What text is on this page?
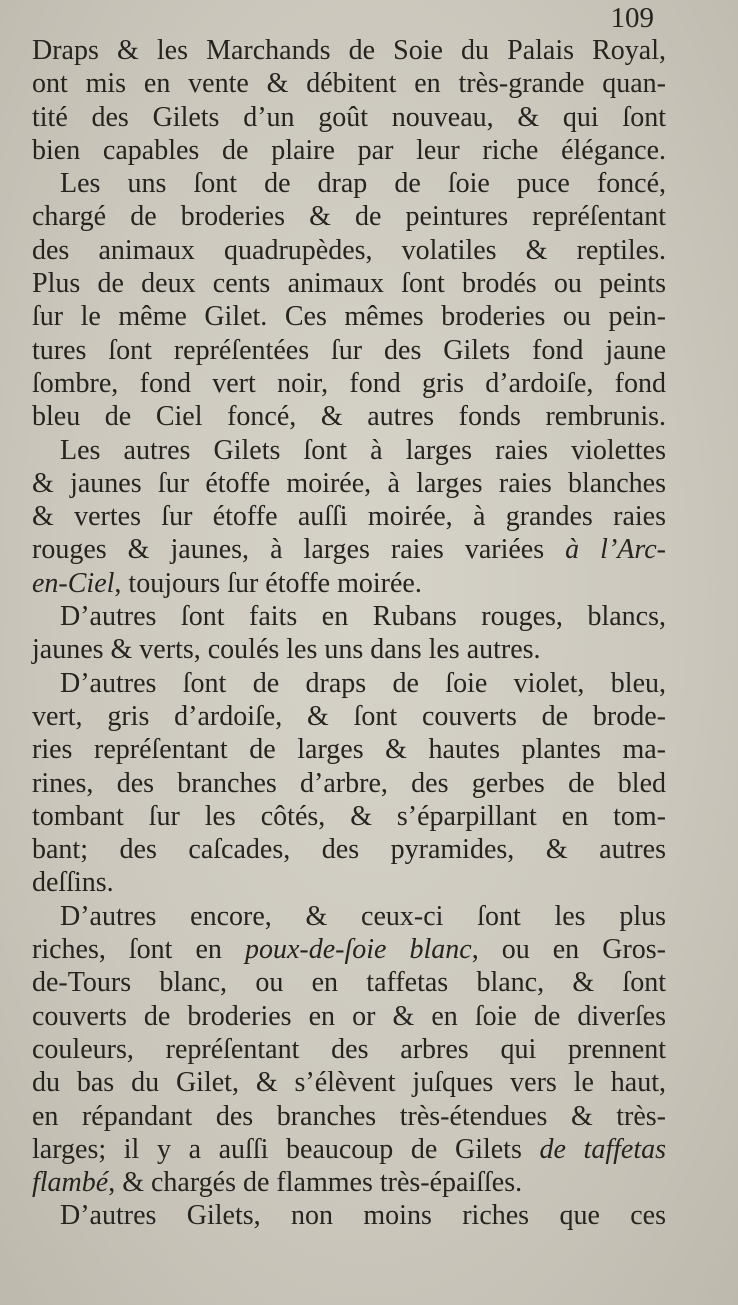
109
Draps & les Marchands de Soie du Palais Royal,
ont mis en vente & débitent en très-grande quan-
tité des Gilets d’un goût nouveau, & qui ſont
bien capables de plaire par leur riche élégance.
Les uns ſont de drap de ſoie puce foncé,
chargé de broderies & de peintures repréſentant
des animaux quadrupèdes, volatiles & reptiles.
Plus de deux cents animaux ſont brodés ou peints
ſur le même Gilet. Ces mêmes broderies ou pein-
tures ſont repréſentées ſur des Gilets fond jaune
ſombre, fond vert noir, fond gris d’ardoiſe, fond
bleu de Ciel foncé, & autres fonds rembrunis.
Les autres Gilets ſont à larges raies violettes
& jaunes ſur étoffe moirée, à larges raies blanches
& vertes ſur étoffe auſſi moirée, à grandes raies
rouges & jaunes, à larges raies variées à l’Arc-
en-Ciel, toujours ſur étoffe moirée.
D’autres ſont faits en Rubans rouges, blancs,
jaunes & verts, coulés les uns dans les autres.
D’autres ſont de draps de ſoie violet, bleu,
vert, gris d’ardoiſe, & ſont couverts de brode-
ries repréſentant de larges & hautes plantes ma-
rines, des branches d’arbre, des gerbes de bled
tombant ſur les côtés, & s’éparpillant en tom-
bant; des caſcades, des pyramides, & autres
deſſins.
D’autres encore, & ceux-ci ſont les plus
riches, ſont en poux-de-ſoie blanc, ou en Gros-
de-Tours blanc, ou en taffetas blanc, & ſont
couverts de broderies en or & en ſoie de diverſes
couleurs, repréſentant des arbres qui prennent
du bas du Gilet, & s’élèvent juſques vers le haut,
en répandant des branches très-étendues & très-
larges; il y a auſſi beaucoup de Gilets de taffetas
flambé, & chargés de flammes très-épaiſſes.
D’autres Gilets, non moins riches que ces
